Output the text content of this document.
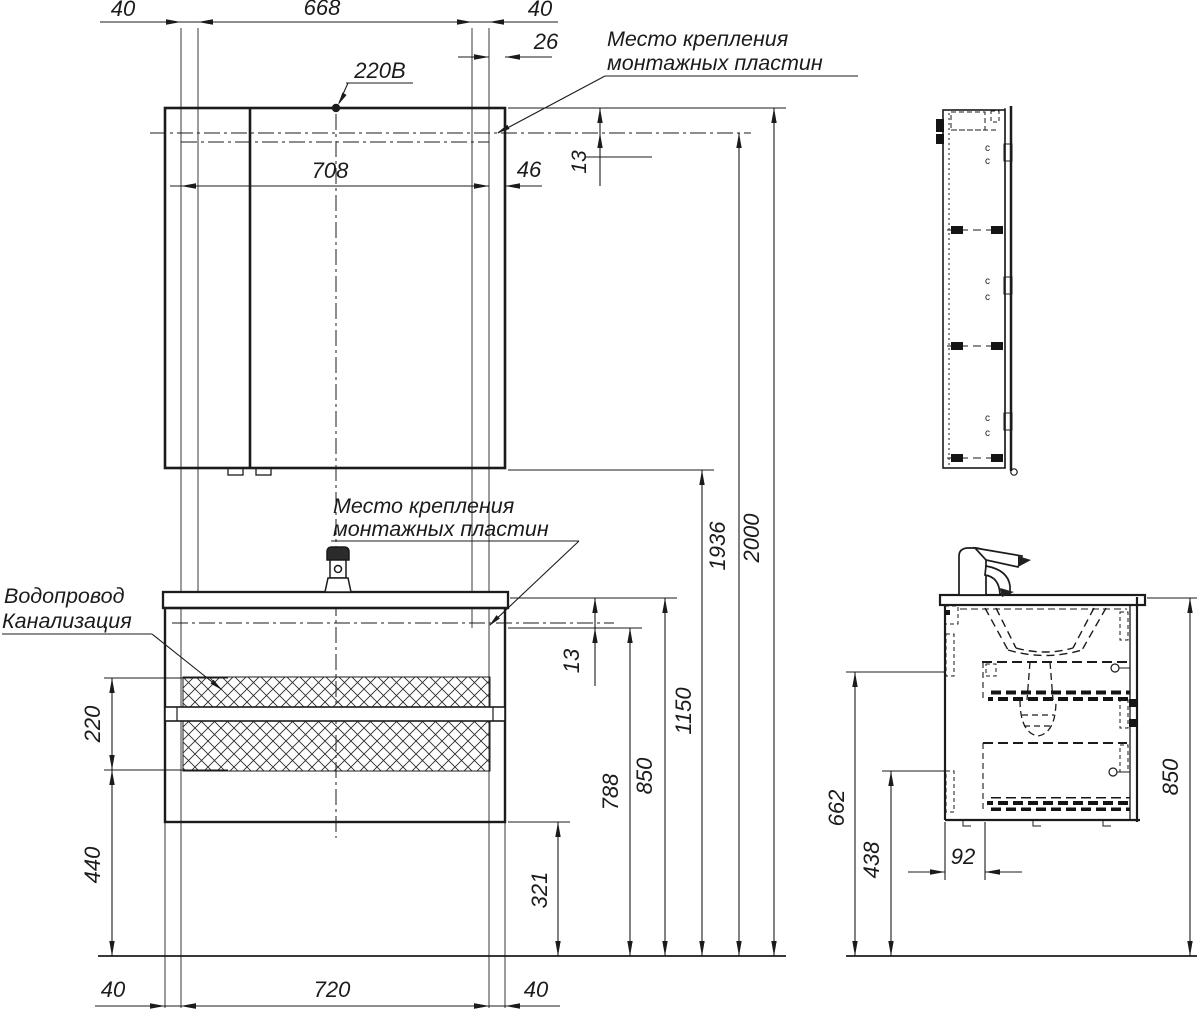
220В
Место крепления
монтажных пластин
Место крепления
монтажных пластин
Водопровод
Канализация
40	668	40
26
708	46 13
13
321
788 850
1150
1936 2000
220
440
40	720	40
c
c
c
c
c
c
850
662
438	92
